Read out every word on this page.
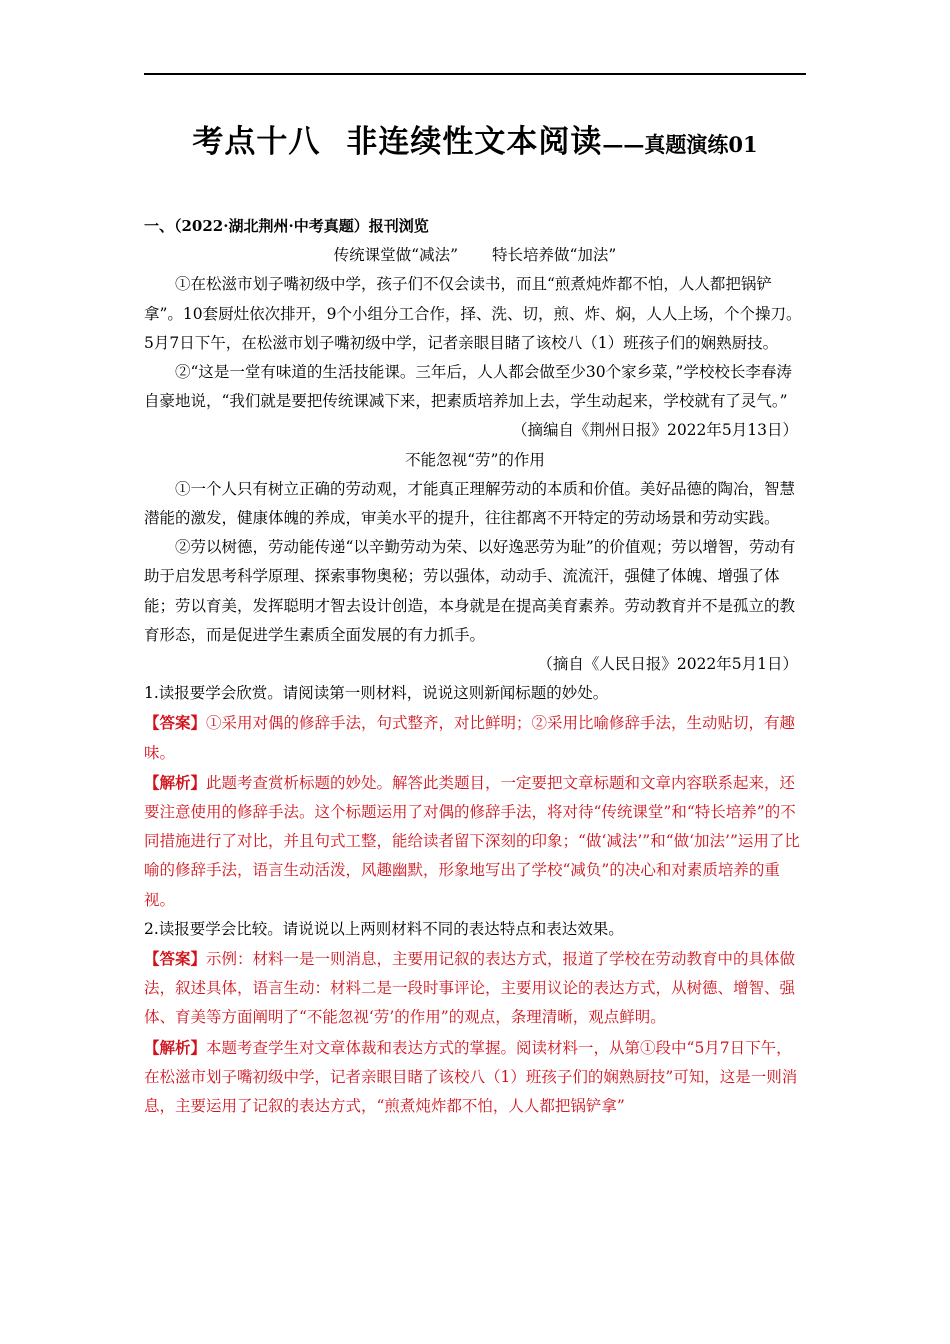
考点十八 非连续性文本阅读——真题演练01

一、（2022·湖北荆州·中考真题）报刊浏览

传统课堂做“减法” 特长培养做“加法”

①在松滋市划子嘴初级中学，孩子们不仅会读书，而且“煎煮炖炸都不怕，人人都把锅铲拿”。10套厨灶依次排开，9个小组分工合作，择、洗、切，煎、炸、焖，人人上场，个个操刀。5月7日下午，在松滋市划子嘴初级中学，记者亲眼目睹了该校八（1）班孩子们的娴熟厨技。

②“这是一堂有味道的生活技能课。三年后，人人都会做至少30个家乡菜，”学校校长李春涛自豪地说，“我们就是要把传统课减下来，把素质培养加上去，学生动起来，学校就有了灵气。”

（摘编自《荆州日报》2022年5月13日）

不能忽视“劳”的作用

①一个人只有树立正确的劳动观，才能真正理解劳动的本质和价值。美好品德的陶冶，智慧潜能的激发，健康体魄的养成，审美水平的提升，往往都离不开特定的劳动场景和劳动实践。

②劳以树德，劳动能传递“以辛勤劳动为荣、以好逸恶劳为耻”的价值观；劳以增智，劳动有助于启发思考科学原理、探索事物奥秘；劳以强体，动动手、流流汗，强健了体魄、增强了体能；劳以育美，发挥聪明才智去设计创造，本身就是在提高美育素养。劳动教育并不是孤立的教育形态，而是促进学生素质全面发展的有力抓手。

（摘自《人民日报》2022年5月1日）

1.读报要学会欣赏。请阅读第一则材料，说说这则新闻标题的妙处。

【答案】①采用对偶的修辞手法，句式整齐，对比鲜明；②采用比喻修辞手法，生动贴切，有趣味。

【解析】此题考查赏析标题的妙处。解答此类题目，一定要把文章标题和文章内容联系起来，还要注意使用的修辞手法。这个标题运用了对偶的修辞手法，将对待“传统课堂”和“特长培养”的不同措施进行了对比，并且句式工整，能给读者留下深刻的印象；“做‘减法’”和“做‘加法’”运用了比喻的修辞手法，语言生动活泼，风趣幽默，形象地写出了学校“减负”的决心和对素质培养的重视。

2.读报要学会比较。请说说以上两则材料不同的表达特点和表达效果。

【答案】示例：材料一是一则消息，主要用记叙的表达方式，报道了学校在劳动教育中的具体做法，叙述具体，语言生动：材料二是一段时事评论，主要用议论的表达方式，从树德、增智、强体、育美等方面阐明了“不能忽视‘劳’的作用”的观点，条理清晰，观点鲜明。

【解析】本题考查学生对文章体裁和表达方式的掌握。阅读材料一，从第①段中“5月7日下午，在松滋市划子嘴初级中学，记者亲眼目睹了该校八（1）班孩子们的娴熟厨技”可知，这是一则消息，主要运用了记叙的表达方式，“煎煮炖炸都不怕，人人都把锅铲拿”
